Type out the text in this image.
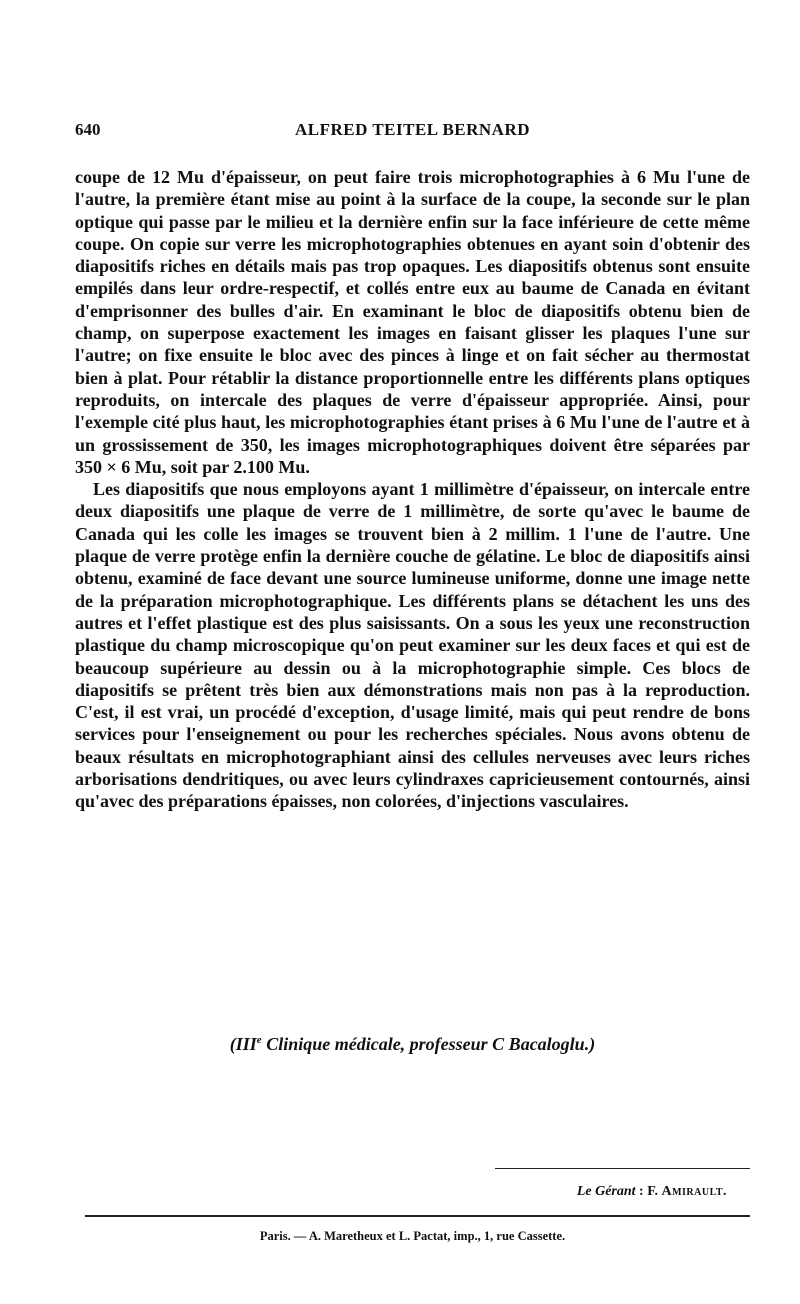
640	ALFRED TEITEL BERNARD

coupe de 12 Mu d'épaisseur, on peut faire trois microphotographies à 6 Mu l'une de l'autre, la première étant mise au point à la surface de la coupe, la seconde sur le plan optique qui passe par le milieu et la dernière enfin sur la face inférieure de cette même coupe. On copie sur verre les microphotographies obtenues en ayant soin d'obtenir des diapositifs riches en détails mais pas trop opaques. Les diapositifs obtenus sont ensuite empilés dans leur ordre-respectif, et collés entre eux au baume de Canada en évitant d'emprisonner des bulles d'air. En examinant le bloc de diapositifs obtenu bien de champ, on superpose exactement les images en faisant glisser les plaques l'une sur l'autre; on fixe ensuite le bloc avec des pinces à linge et on fait sécher au thermostat bien à plat. Pour rétablir la distance proportionnelle entre les différents plans optiques reproduits, on intercale des plaques de verre d'épaisseur appropriée. Ainsi, pour l'exemple cité plus haut, les microphotographies étant prises à 6 Mu l'une de l'autre et à un grossissement de 350, les images microphotographiques doivent être séparées par 350 × 6 Mu, soit par 2.100 Mu.

Les diapositifs que nous employons ayant 1 millimètre d'épaisseur, on intercale entre deux diapositifs une plaque de verre de 1 millimètre, de sorte qu'avec le baume de Canada qui les colle les images se trouvent bien à 2 millim. 1 l'une de l'autre. Une plaque de verre protège enfin la dernière couche de gélatine. Le bloc de diapositifs ainsi obtenu, examiné de face devant une source lumineuse uniforme, donne une image nette de la préparation microphotographique. Les différents plans se détachent les uns des autres et l'effet plastique est des plus saisissants. On a sous les yeux une reconstruction plastique du champ microscopique qu'on peut examiner sur les deux faces et qui est de beaucoup supérieure au dessin ou à la microphotographie simple. Ces blocs de diapositifs se prêtent très bien aux démonstrations mais non pas à la reproduction. C'est, il est vrai, un procédé d'exception, d'usage limité, mais qui peut rendre de bons services pour l'enseignement ou pour les recherches spéciales. Nous avons obtenu de beaux résultats en microphotographiant ainsi des cellules nerveuses avec leurs riches arborisations dendritiques, ou avec leurs cylindraxes capricieusement contournés, ainsi qu'avec des préparations épaisses, non colorées, d'injections vasculaires.

(IIIe Clinique médicale, professeur C Bacaloglu.)
Le Gérant : F. Amirault.
Paris. — A. Maretheux et L. Pactat, imp., 1, rue Cassette.
